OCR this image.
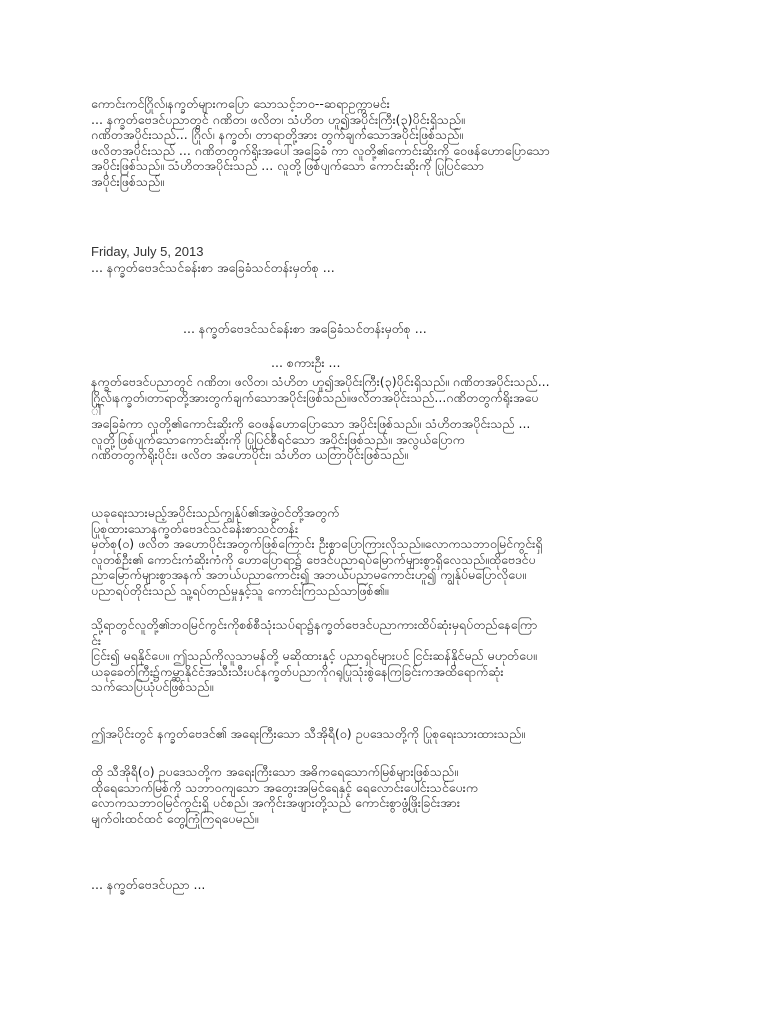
ကောင်းကင်ဂြိုလ်၊နက္ခတ်များကပြော သောသင့်ဘဝ--ဆရာဥက္ကာမင်း

... နက္ခတ်ဗေဒင်ပညာတွင် ဂဏိတ၊ ဖလိတ၊ သံဟိတ ဟူ၍အပိုင်းကြီး(၃)ပိုင်းရှိသည်။

ဂဏိတအပိုင်းသည်... ဂြိုလ်၊ နက္ခတ်၊ တာရာတို့အား တွက်ချက်သောအပိုင်းဖြစ်သည်။

ဖလိတအပိုင်းသည် ... ဂဏိတတွက်ရိုးအပေါ်အခြေခံ ကာ လူတို့၏ကောင်းဆိုးကို ဝေဖန်ဟောပြောသော

အပိုင်းဖြစ်သည်။ သံဟိတအပိုင်းသည် ... လူတို့ဖြစ်ပျက်သော ကောင်းဆိုးကို ပြုပြင်သော

အပိုင်းဖြစ်သည်။

Friday, July 5, 2013

... နက္ခတ်ဗေဒင်သင်ခန်းစာ အခြေခံသင်တန်းမှတ်စု ...

... နက္ခတ်ဗေဒင်သင်ခန်းစာ အခြေခံသင်တန်းမှတ်စု ...

... စကားဦး ...

နက္ခတ်ဗေဒင်ပညာတွင် ဂဏိတ၊ ဖလိတ၊ သံဟိတ ဟူ၍အပိုင်းကြီး(၃)ပိုင်းရှိသည်။ ဂဏိတအပိုင်းသည်...

ဂြိုလ်၊နက္ခတ်၊တာရာတို့အားတွက်ချက်သောအပိုင်းဖြစ်သည်။ဖလိတအပိုင်းသည်...ဂဏိတတွက်ရိုးအပေ

ါ်

အခြေခံကာ လူတို့၏ကောင်းဆိုးကို ဝေဖန်ဟောပြောသော အပိုင်းဖြစ်သည်။ သံဟိတအပိုင်းသည် ...

လူတို့ဖြစ်ပျက်သောကောင်းဆိုးကို ပြုပြင်စီရင်သော အပိုင်းဖြစ်သည်။ အလွယ်ပြောက

ဂဏိတတွက်ရိုးပိုင်း၊ ဖလိတ အဟောပိုင်း၊ သံဟိတ ယတြာပိုင်းဖြစ်သည်။

ယခုရေးသားမည့်အပိုင်းသည်ကျွန်ုပ်၏အဖွဲ့ဝင်တို့အတွက်

ပြုစုထားသောနက္ခတ်ဗေဒင်သင်ခန်းစာသင်တန်း

မှတ်စု(ဝ) ဖလိတ အဟောပိုင်းအတွက်ဖြစ်ကြောင်း ဦးစွာပြောကြားလိုသည်။လောကသဘာဝမြင်ကွင်းရှိ

လူတစ်ဦး၏ ကောင်းကံဆိုးကံကို ဟောပြောရာ၌ ဗေဒင်ပညာရပ်မြောက်များစွာရှိလေသည်။ထိုဗေဒင်ပ

ညာမြောက်များစွာအနက် အဘယ်ပညာကောင်း၍ အဘယ်ပညာမကောင်းဟူ၍ ကျွန်ုပ်မပြောလိုပေ။

ပညာရပ်တိုင်းသည် သူ့ရပ်တည်မှုနှင့်သူ ကောင်းကြသည်သာဖြစ်၏။

သို့ရာတွင်လူတို့၏ဘဝမြင်ကွင်းကိုစစ်စီသုံးသပ်ရာ၌နက္ခတ်ဗေဒင်ပညာကားထိပ်ဆုံးမှရပ်တည်နေကြော

င်း

ငြင်း၍ မရနိုင်ပေ။ ဤသည်ကိုလူသာမန်တို့ မဆိုထားနှင့် ပညာရှင်များပင် ငြင်းဆန်နိုင်မည် မဟုတ်ပေ။

ယခုခေတ်ကြီး၌ကမ္ဘာနိုင်ငံအသီးသီးပင်နက္ခတ်ပညာကိုဂရုပြုသုံးစွဲနေကြခြင်းကအထိရောက်ဆုံး

သက်သေပြယုံပင်ဖြစ်သည်။

ဤအပိုင်းတွင် နက္ခတ်ဗေဒင်၏ အရေးကြီးသော သီအိုရီ(ဝ) ဥပဒေသတို့ကို ပြုစုရေးသားထားသည်။

ထို သီအိုရီ(ဝ) ဥပဒေသတို့က အရေးကြီးသော အဓိကရေသောက်မြစ်များဖြစ်သည်။

ထိုရေသောက်မြစ်ကို သဘာဝကျသော အတွေးအမြင်ရေနှင့် ရေလောင်းပေါင်းသင်ပေးက

လောကသဘာဝမြင်ကွင်းရှိ ပင်စည်၊ အကိုင်းအဖျားတို့သည် ကောင်းစွာဖွံ့ဖြိုးခြင်းအား

မျက်ဝါးထင်ထင် တွေ့ကြုံကြရပေမည်။

... နက္ခတ်ဗေဒင်ပညာ ...
